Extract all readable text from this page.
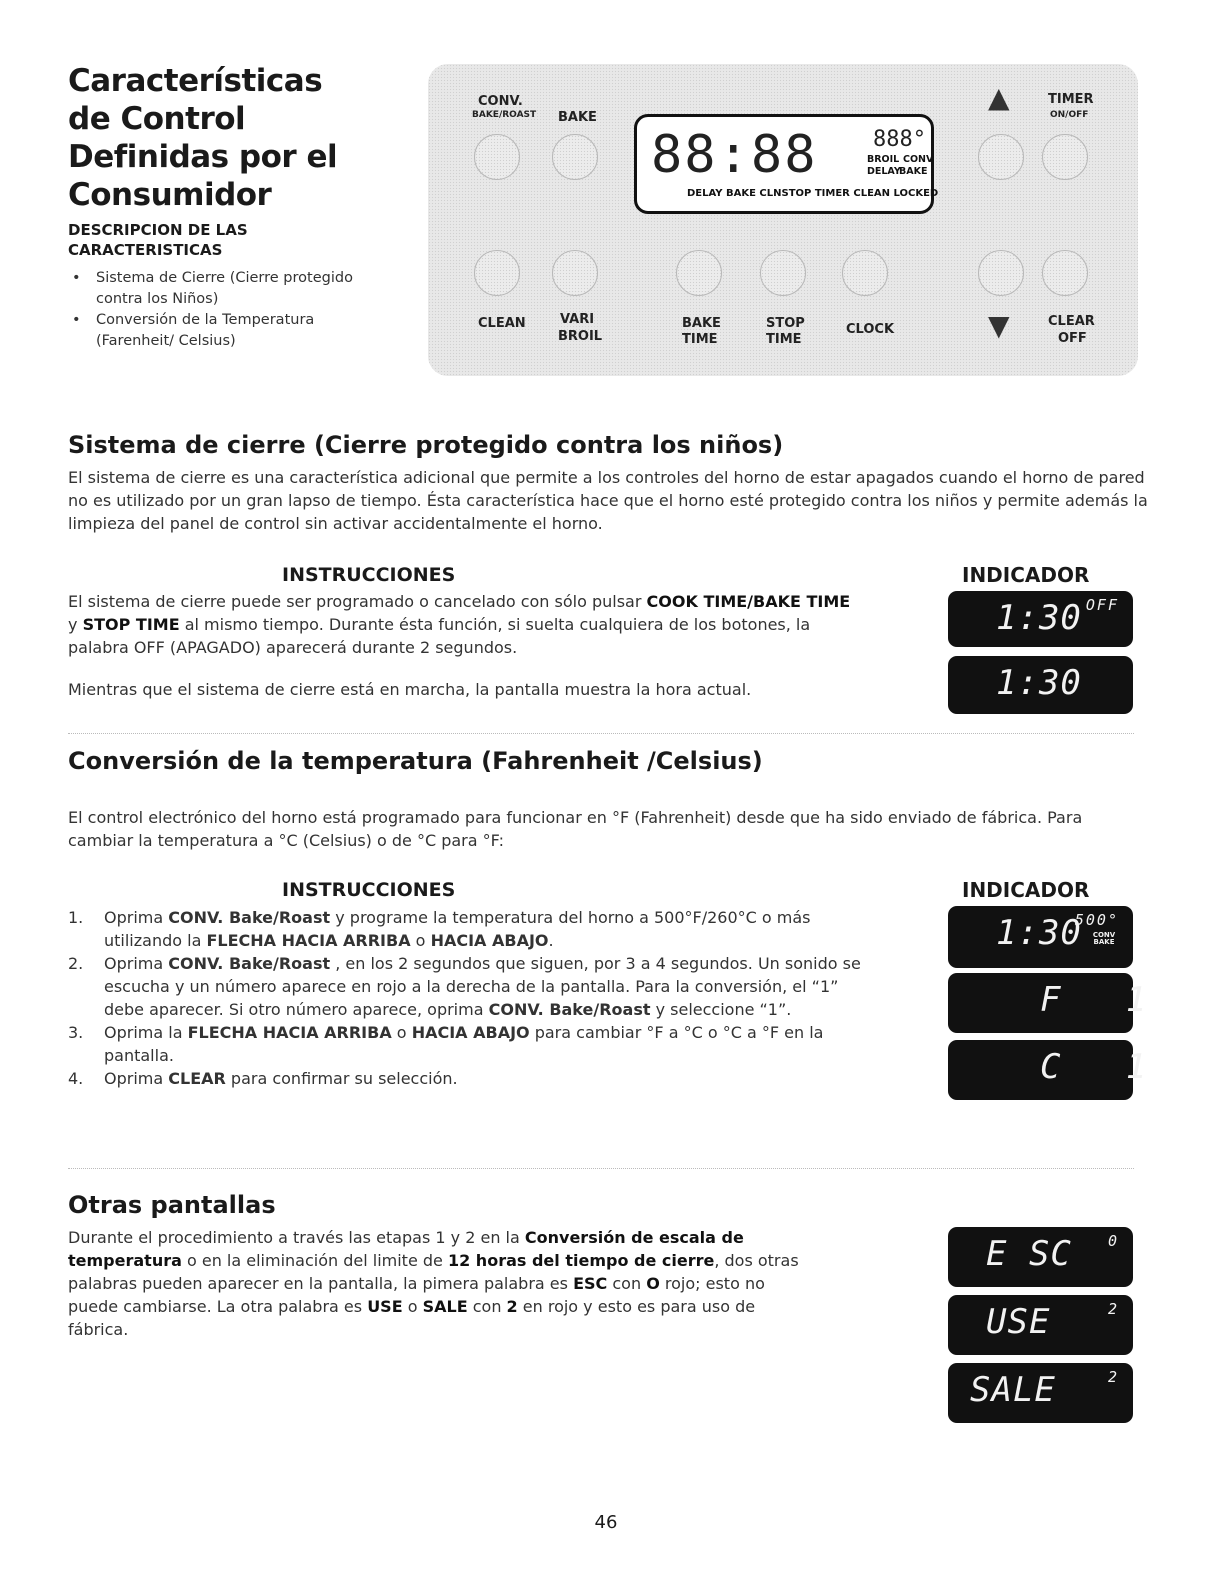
Características
de Control
Definidas por el
Consumidor
DESCRIPCION DE LAS CARACTERISTICAS
• Sistema de Cierre (Cierre protegido contra los Niños)
• Conversión de la Temperatura (Farenheit/ Celsius)
CONV.
BAKE/ROAST BAKE
88:88	888°
BROIL CONV
DELAY
BAKE
DELAY BAKE CLNSTOP TIMER CLEAN LOCKED
▲	TIMER
ON/OFF
CLEAN	VARI
BROIL
BAKE
TIME
STOP
TIME
CLOCK	▼	CLEAR
OFF
Sistema de cierre (Cierre protegido contra los niños)
El sistema de cierre es una característica adicional que permite a los controles del horno de estar apagados cuando el horno de pared no es utilizado por un gran lapso de tiempo. Ésta característica hace que el horno esté protegido contra los niños y permite además la limpieza del panel de control sin activar accidentalmente el horno.
INSTRUCCIONES	INDICADOR
El sistema de cierre puede ser programado o cancelado con sólo pulsar COOK TIME/BAKE TIME y STOP TIME al mismo tiempo. Durante ésta función, si suelta cualquiera de los botones, la palabra OFF (APAGADO) aparecerá durante 2 segundos.
Mientras que el sistema de cierre está en marcha, la pantalla muestra la hora actual.
1:30 OFF
1:30
Conversión de la temperatura (Fahrenheit /Celsius)
El control electrónico del horno está programado para funcionar en °F (Fahrenheit) desde que ha sido enviado de fábrica. Para cambiar la temperatura a °C (Celsius) o de °C para °F:
INSTRUCCIONES	INDICADOR
1. Oprima CONV. Bake/Roast y programe la temperatura del horno a 500°F/260°C o más utilizando la FLECHA HACIA ARRIBA o HACIA ABAJO.
2. Oprima CONV. Bake/Roast , en los 2 segundos que siguen, por 3 a 4 segundos. Un sonido se escucha y un número aparece en rojo a la derecha de la pantalla. Para la conversión, el “1” debe aparecer. Si otro número aparece, oprima CONV. Bake/Roast y seleccione “1”.
3. Oprima la FLECHA HACIA ARRIBA o HACIA ABAJO para cambiar °F a °C o °C a °F en la pantalla.
4. Oprima CLEAR para confirmar su selección.
1:30
500°
CONV BAKE
F   1
C   1
Otras pantallas
Durante el procedimiento a través las etapas 1 y 2 en la Conversión de escala de temperatura o en la eliminación del limite de 12 horas del tiempo de cierre, dos otras palabras pueden aparecer en la pantalla, la pimera palabra es ESC con O rojo; esto no puede cambiarse. La otra palabra es USE o SALE con 2 en rojo y esto es para uso de fábrica.
E SC 0
USE	2
SALE	2
46
